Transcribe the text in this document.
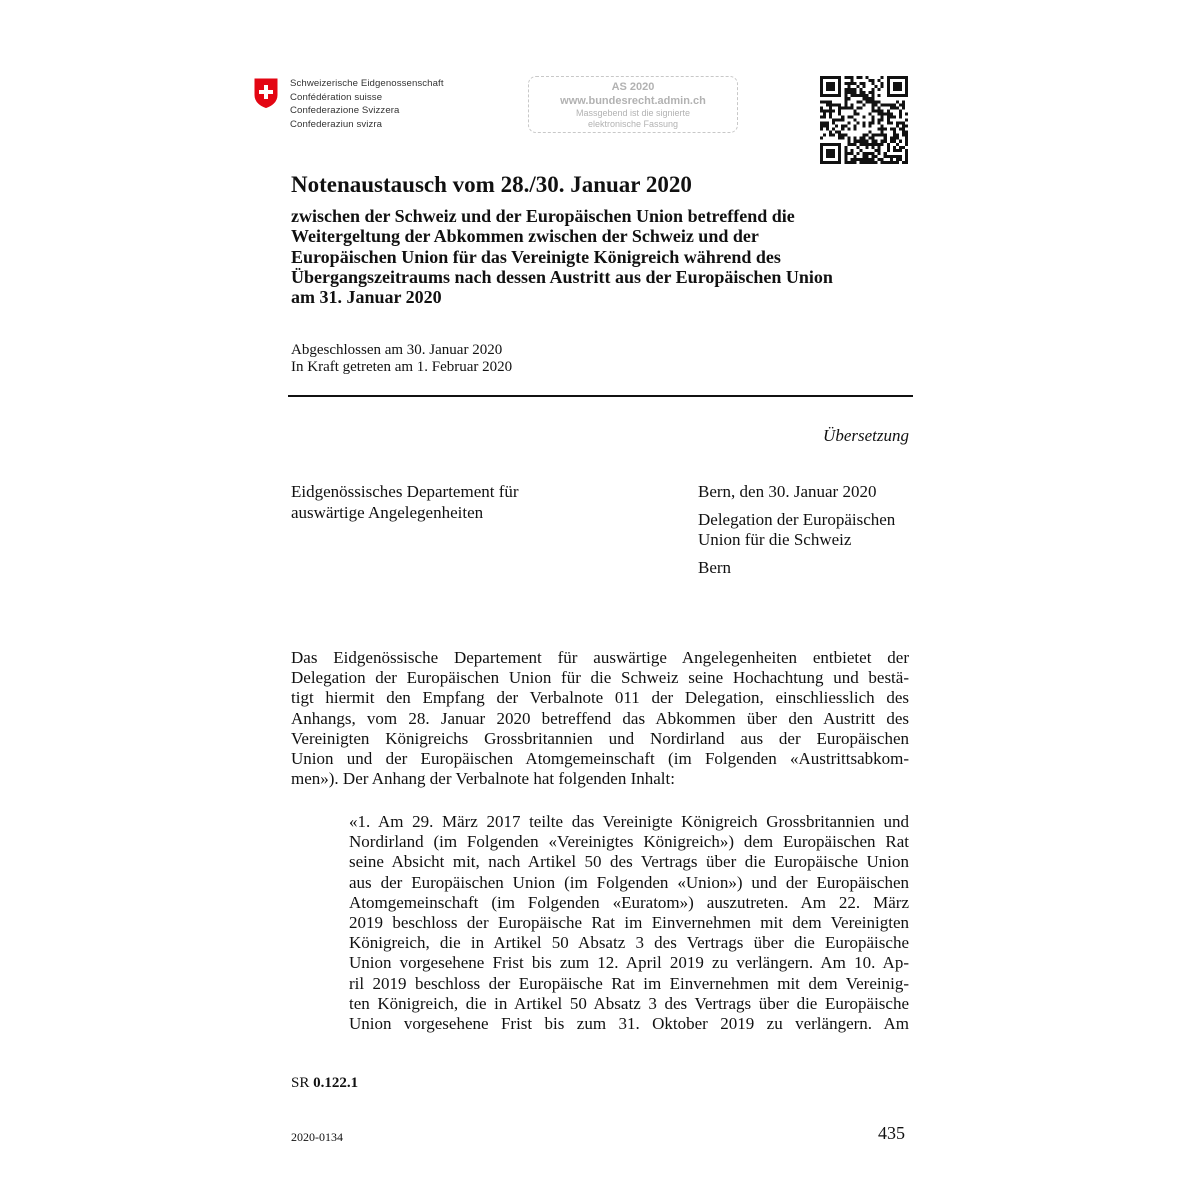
Schweizerische Eidgenossenschaft
Confédération suisse
Confederazione Svizzera
Confederaziun svizra
AS 2020
www.bundesrecht.admin.ch
Massgebend ist die signierte
elektronische Fassung
Notenaustausch vom 28./30. Januar 2020
zwischen der Schweiz und der Europäischen Union betreffend die
Weitergeltung der Abkommen zwischen der Schweiz und der
Europäischen Union für das Vereinigte Königreich während des
Übergangszeitraums nach dessen Austritt aus der Europäischen Union
am 31. Januar 2020
Abgeschlossen am 30. Januar 2020
In Kraft getreten am 1. Februar 2020
Übersetzung
Eidgenössisches Departement für
auswärtige Angelegenheiten
Bern, den 30. Januar 2020
Delegation der Europäischen
Union für die Schweiz
Bern
Das Eidgenössische Departement für auswärtige Angelegenheiten entbietet der
Delegation der Europäischen Union für die Schweiz seine Hochachtung und bestä-
tigt hiermit den Empfang der Verbalnote 011 der Delegation, einschliesslich des
Anhangs, vom 28. Januar 2020 betreffend das Abkommen über den Austritt des
Vereinigten Königreichs Grossbritannien und Nordirland aus der Europäischen
Union und der Europäischen Atomgemeinschaft (im Folgenden «Austrittsabkom-
men»). Der Anhang der Verbalnote hat folgenden Inhalt:
«1. Am 29. März 2017 teilte das Vereinigte Königreich Grossbritannien und
Nordirland (im Folgenden «Vereinigtes Königreich») dem Europäischen Rat
seine Absicht mit, nach Artikel 50 des Vertrags über die Europäische Union
aus der Europäischen Union (im Folgenden «Union») und der Europäischen
Atomgemeinschaft (im Folgenden «Euratom») auszutreten. Am 22. März
2019 beschloss der Europäische Rat im Einvernehmen mit dem Vereinigten
Königreich, die in Artikel 50 Absatz 3 des Vertrags über die Europäische
Union vorgesehene Frist bis zum 12. April 2019 zu verlängern. Am 10. Ap-
ril 2019 beschloss der Europäische Rat im Einvernehmen mit dem Vereinig-
ten Königreich, die in Artikel 50 Absatz 3 des Vertrags über die Europäische
Union vorgesehene Frist bis zum 31. Oktober 2019 zu verlängern. Am
SR 0.122.1
2020-0134	435
